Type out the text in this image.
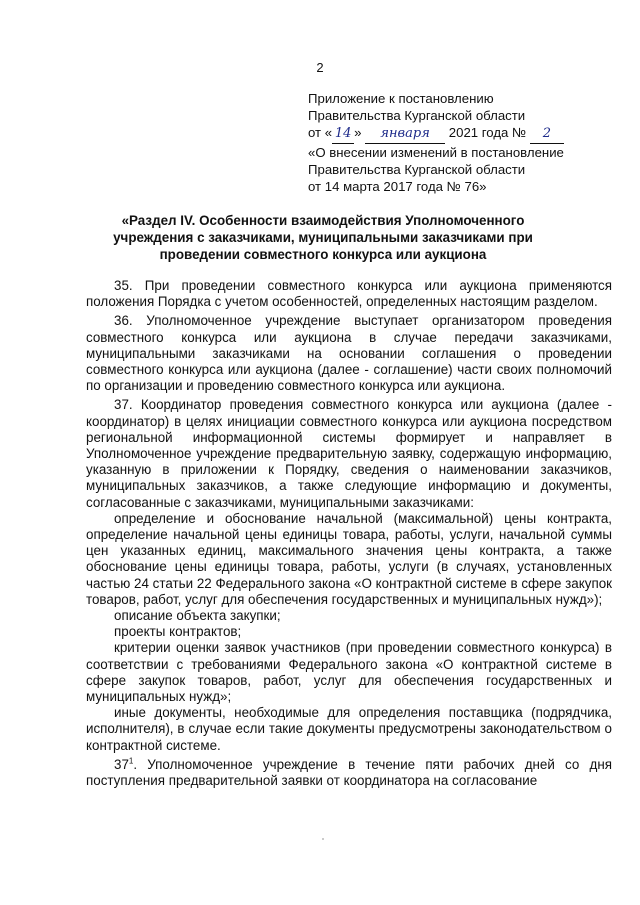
2
Приложение к постановлению
Правительства Курганской области
от « 14 » января 2021 года № 2
«О внесении изменений в постановление
Правительства Курганской области
от 14 марта 2017 года № 76»
«Раздел IV. Особенности взаимодействия Уполномоченного учреждения с заказчиками, муниципальными заказчиками при проведении совместного конкурса или аукциона

35. При проведении совместного конкурса или аукциона применяются положения Порядка с учетом особенностей, определенных настоящим разделом.

36. Уполномоченное учреждение выступает организатором проведения совместного конкурса или аукциона в случае передачи заказчиками, муниципальными заказчиками на основании соглашения о проведении совместного конкурса или аукциона (далее - соглашение) части своих полномочий по организации и проведению совместного конкурса или аукциона.

37. Координатор проведения совместного конкурса или аукциона (далее - координатор) в целях инициации совместного конкурса или аукциона посредством региональной информационной системы формирует и направляет в Уполномоченное учреждение предварительную заявку, содержащую информацию, указанную в приложении к Порядку, сведения о наименовании заказчиков, муниципальных заказчиков, а также следующие информацию и документы, согласованные с заказчиками, муниципальными заказчиками:

определение и обоснование начальной (максимальной) цены контракта, определение начальной цены единицы товара, работы, услуги, начальной суммы цен указанных единиц, максимального значения цены контракта, а также обоснование цены единицы товара, работы, услуги (в случаях, установленных частью 24 статьи 22 Федерального закона «О контрактной системе в сфере закупок товаров, работ, услуг для обеспечения государственных и муниципальных нужд»);

описание объекта закупки;

проекты контрактов;

критерии оценки заявок участников (при проведении совместного конкурса) в соответствии с требованиями Федерального закона «О контрактной системе в сфере закупок товаров, работ, услуг для обеспечения государственных и муниципальных нужд»;

иные документы, необходимые для определения поставщика (подрядчика, исполнителя), в случае если такие документы предусмотрены законодательством о контрактной системе.

$37^1$. Уполномоченное учреждение в течение пяти рабочих дней со дня поступления предварительной заявки от координатора на согласование
